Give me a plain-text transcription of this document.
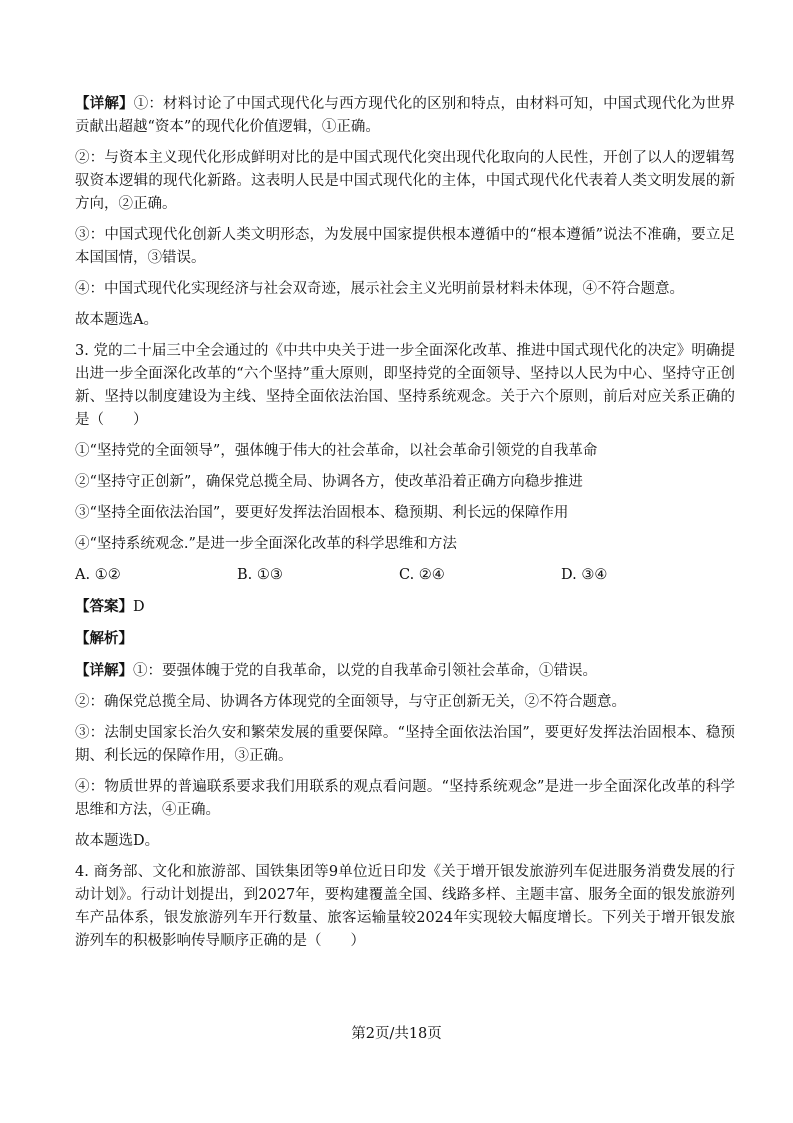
【详解】①：材料讨论了中国式现代化与西方现代化的区别和特点，由材料可知，中国式现代化为世界贡献出超越“资本”的现代化价值逻辑，①正确。
②：与资本主义现代化形成鲜明对比的是中国式现代化突出现代化取向的人民性，开创了以人的逻辑驾驭资本逻辑的现代化新路。这表明人民是中国式现代化的主体，中国式现代化代表着人类文明发展的新方向，②正确。
③：中国式现代化创新人类文明形态，为发展中国家提供根本遵循中的“根本遵循”说法不准确，要立足本国国情，③错误。
④：中国式现代化实现经济与社会双奇迹，展示社会主义光明前景材料未体现，④不符合题意。
故本题选A。
3. 党的二十届三中全会通过的《中共中央关于进一步全面深化改革、推进中国式现代化的决定》明确提出进一步全面深化改革的“六个坚持”重大原则，即坚持党的全面领导、坚持以人民为中心、坚持守正创新、坚持以制度建设为主线、坚持全面依法治国、坚持系统观念。关于六个原则，前后对应关系正确的是（　　）
①“坚持党的全面领导”，强体魄于伟大的社会革命，以社会革命引领党的自我革命
②“坚持守正创新”，确保党总揽全局、协调各方，使改革沿着正确方向稳步推进
③“坚持全面依法治国”，要更好发挥法治固根本、稳预期、利长远的保障作用
④“坚持系统观念.”是进一步全面深化改革的科学思维和方法
A. ①②	B. ①③	C. ②④	D. ③④
【答案】D
【解析】
【详解】①：要强体魄于党的自我革命，以党的自我革命引领社会革命，①错误。
②：确保党总揽全局、协调各方体现党的全面领导，与守正创新无关，②不符合题意。
③：法制史国家长治久安和繁荣发展的重要保障。“坚持全面依法治国”，要更好发挥法治固根本、稳预期、利长远的保障作用，③正确。
④：物质世界的普遍联系要求我们用联系的观点看问题。“坚持系统观念”是进一步全面深化改革的科学思维和方法，④正确。
故本题选D。
4. 商务部、文化和旅游部、国铁集团等9单位近日印发《关于增开银发旅游列车促进服务消费发展的行动计划》。行动计划提出，到2027年，要构建覆盖全国、线路多样、主题丰富、服务全面的银发旅游列车产品体系，银发旅游列车开行数量、旅客运输量较2024年实现较大幅度增长。下列关于增开银发旅游列车的积极影响传导顺序正确的是（　　）
第2页/共18页
